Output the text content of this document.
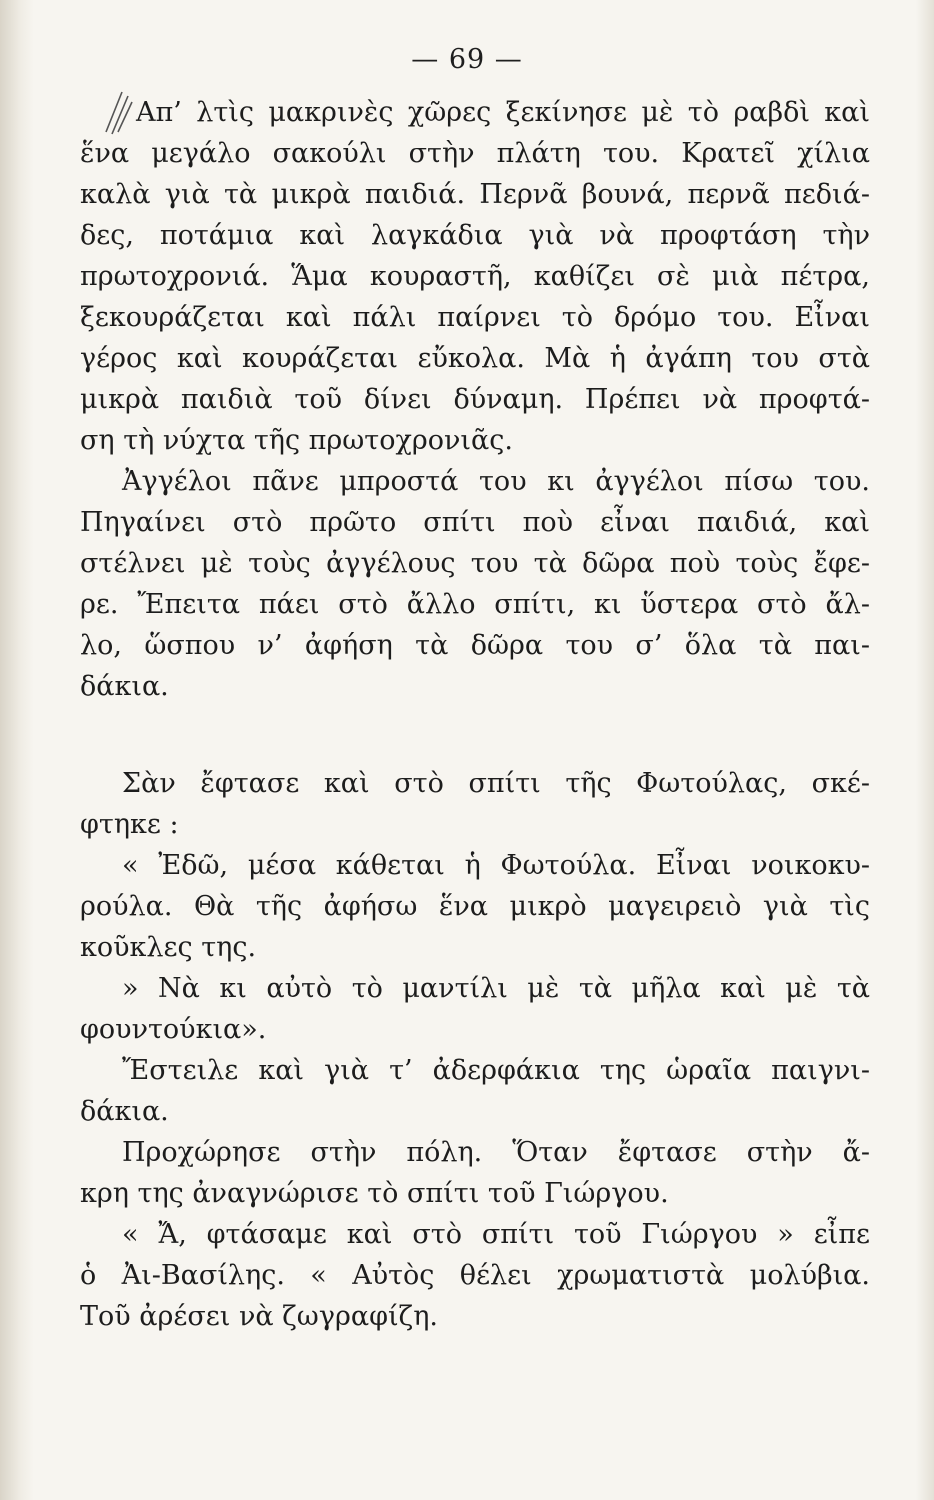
— 69 —
Απ’ λτὶς μακρινὲς χῶρες ξεκίνησε μὲ τὸ ραβδὶ καὶ
ἕνα μεγάλο σακούλι στὴν πλάτη του. Κρατεῖ χίλια
καλὰ γιὰ τὰ μικρὰ παιδιά. Περνᾶ βουνά, περνᾶ πεδιά-
δες, ποτάμια καὶ λαγκάδια γιὰ νὰ προφτάση τὴν
πρωτοχρονιά. Ἅμα κουραστῆ, καθίζει σὲ μιὰ πέτρα,
ξεκουράζεται καὶ πάλι παίρνει τὸ δρόμο του. Εἶναι
γέρος καὶ κουράζεται εὔκολα. Μὰ ἡ ἀγάπη του στὰ
μικρὰ παιδιὰ τοῦ δίνει δύναμη. Πρέπει νὰ προφτά-
ση τὴ νύχτα τῆς πρωτοχρονιᾶς.
Ἀγγέλοι πᾶνε μπροστά του κι ἀγγέλοι πίσω του.
Πηγαίνει στὸ πρῶτο σπίτι ποὺ εἶναι παιδιά, καὶ
στέλνει μὲ τοὺς ἀγγέλους του τὰ δῶρα ποὺ τοὺς ἔφε-
ρε. Ἔπειτα πάει στὸ ἄλλο σπίτι, κι ὕστερα στὸ ἄλ-
λο, ὥσπου ν’ ἀφήση τὰ δῶρα του σ’ ὅλα τὰ παι-
δάκια.
Σὰν ἔφτασε καὶ στὸ σπίτι τῆς Φωτούλας, σκέ-
φτηκε :
« Ἐδῶ, μέσα κάθεται ἡ Φωτούλα. Εἶναι νοικοκυ-
ρούλα. Θὰ τῆς ἀφήσω ἕνα μικρὸ μαγειρειὸ γιὰ τὶς
κοῦκλες της.
» Νὰ κι αὐτὸ τὸ μαντίλι μὲ τὰ μῆλα καὶ μὲ τὰ
φουντούκια».
Ἔστειλε καὶ γιὰ τ’ ἀδερφάκια της ὡραῖα παιγνι-
δάκια.
Προχώρησε στὴν πόλη. Ὅταν ἔφτασε στὴν ἄ-
κρη της ἀναγνώρισε τὸ σπίτι τοῦ Γιώργου.
« Ἄ, φτάσαμε καὶ στὸ σπίτι τοῦ Γιώργου » εἶπε
ὁ Ἀι-Βασίλης. « Αὐτὸς θέλει χρωματιστὰ μολύβια.
Τοῦ ἀρέσει νὰ ζωγραφίζη.
